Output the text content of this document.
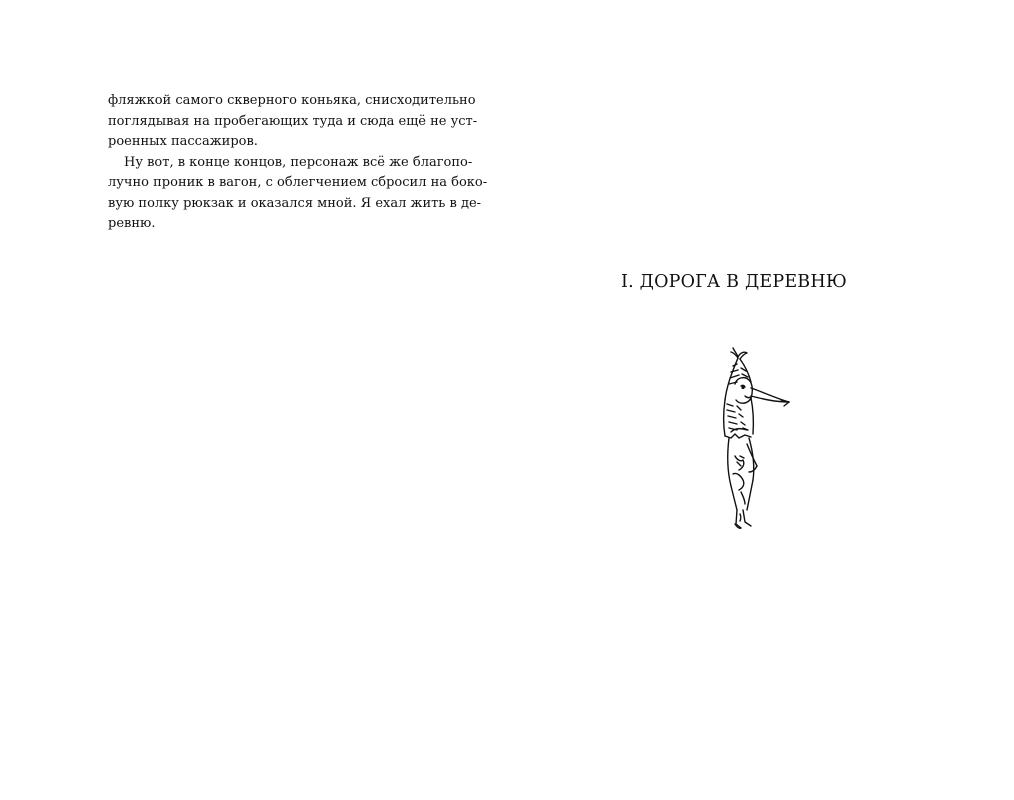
фляжкой самого скверного коньяка, снисходительно
поглядывая на пробегающих туда и сюда ещё не уст-
роенных пассажиров.
Ну вот, в конце концов, персонаж всё же благопо-
лучно проник в вагон, с облегчением сбросил на боко-
вую полку рюкзак и оказался мной. Я ехал жить в де-
ревню.
I. ДОРОГА В ДЕРЕВНЮ
